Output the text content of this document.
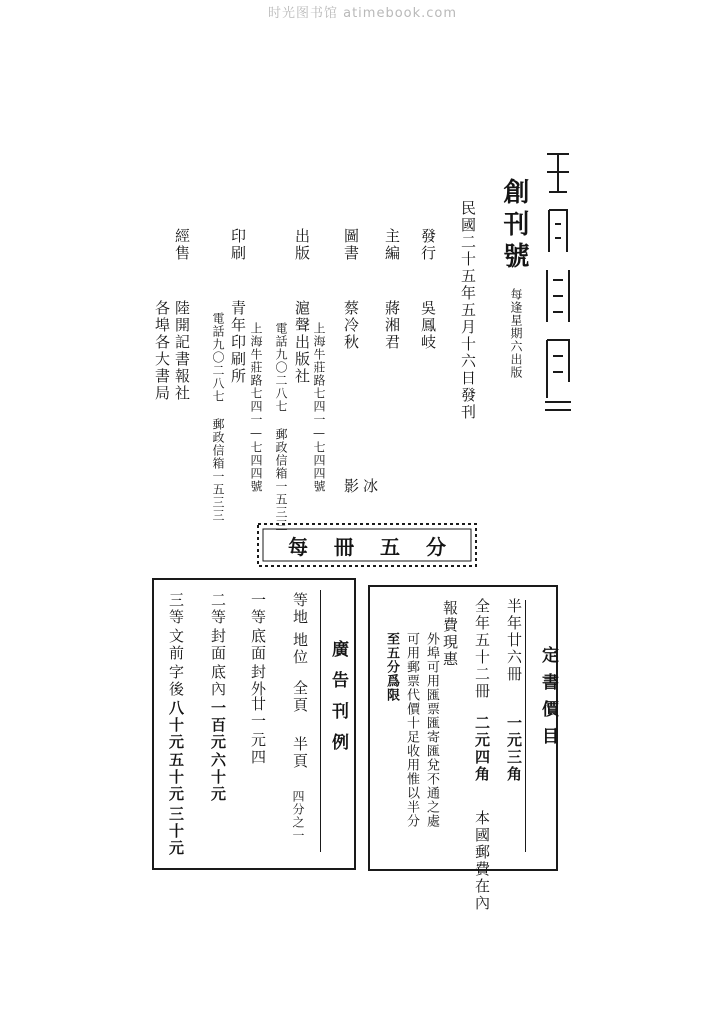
时光图书馆 atimebook.com
創刊號
每逢星期六出版
民國二十五年五月十六日發刊
發行
吳鳳岐
主編
蔣湘君
圖書
蔡冷秋
冰
影
出版
滬聲出版社 上海牛莊路七四一—七四四號
電話九〇二八七 郵政信箱一五三三
印刷
青年印刷所 上海牛莊路七四一—七四四號
電話九〇二八七 郵政信箱一五三三
經售
陸開記書報社
各埠各大書局
每冊五分
定書價目
半年廿六冊
一元三角
全年五十二冊
二元四角
本國郵費在內
報費現惠
外埠可用匯票匯寄匯兌不通之處
可用郵票代價十足收用惟以半分
至五分爲限
廣告刊例
等地
地位
全頁
半頁
四分之一
一等
底面
封外
廿一
元四
二等
封面
底內
一百元
六十元
三等
文前
字後
八十元
五十元
三十元
